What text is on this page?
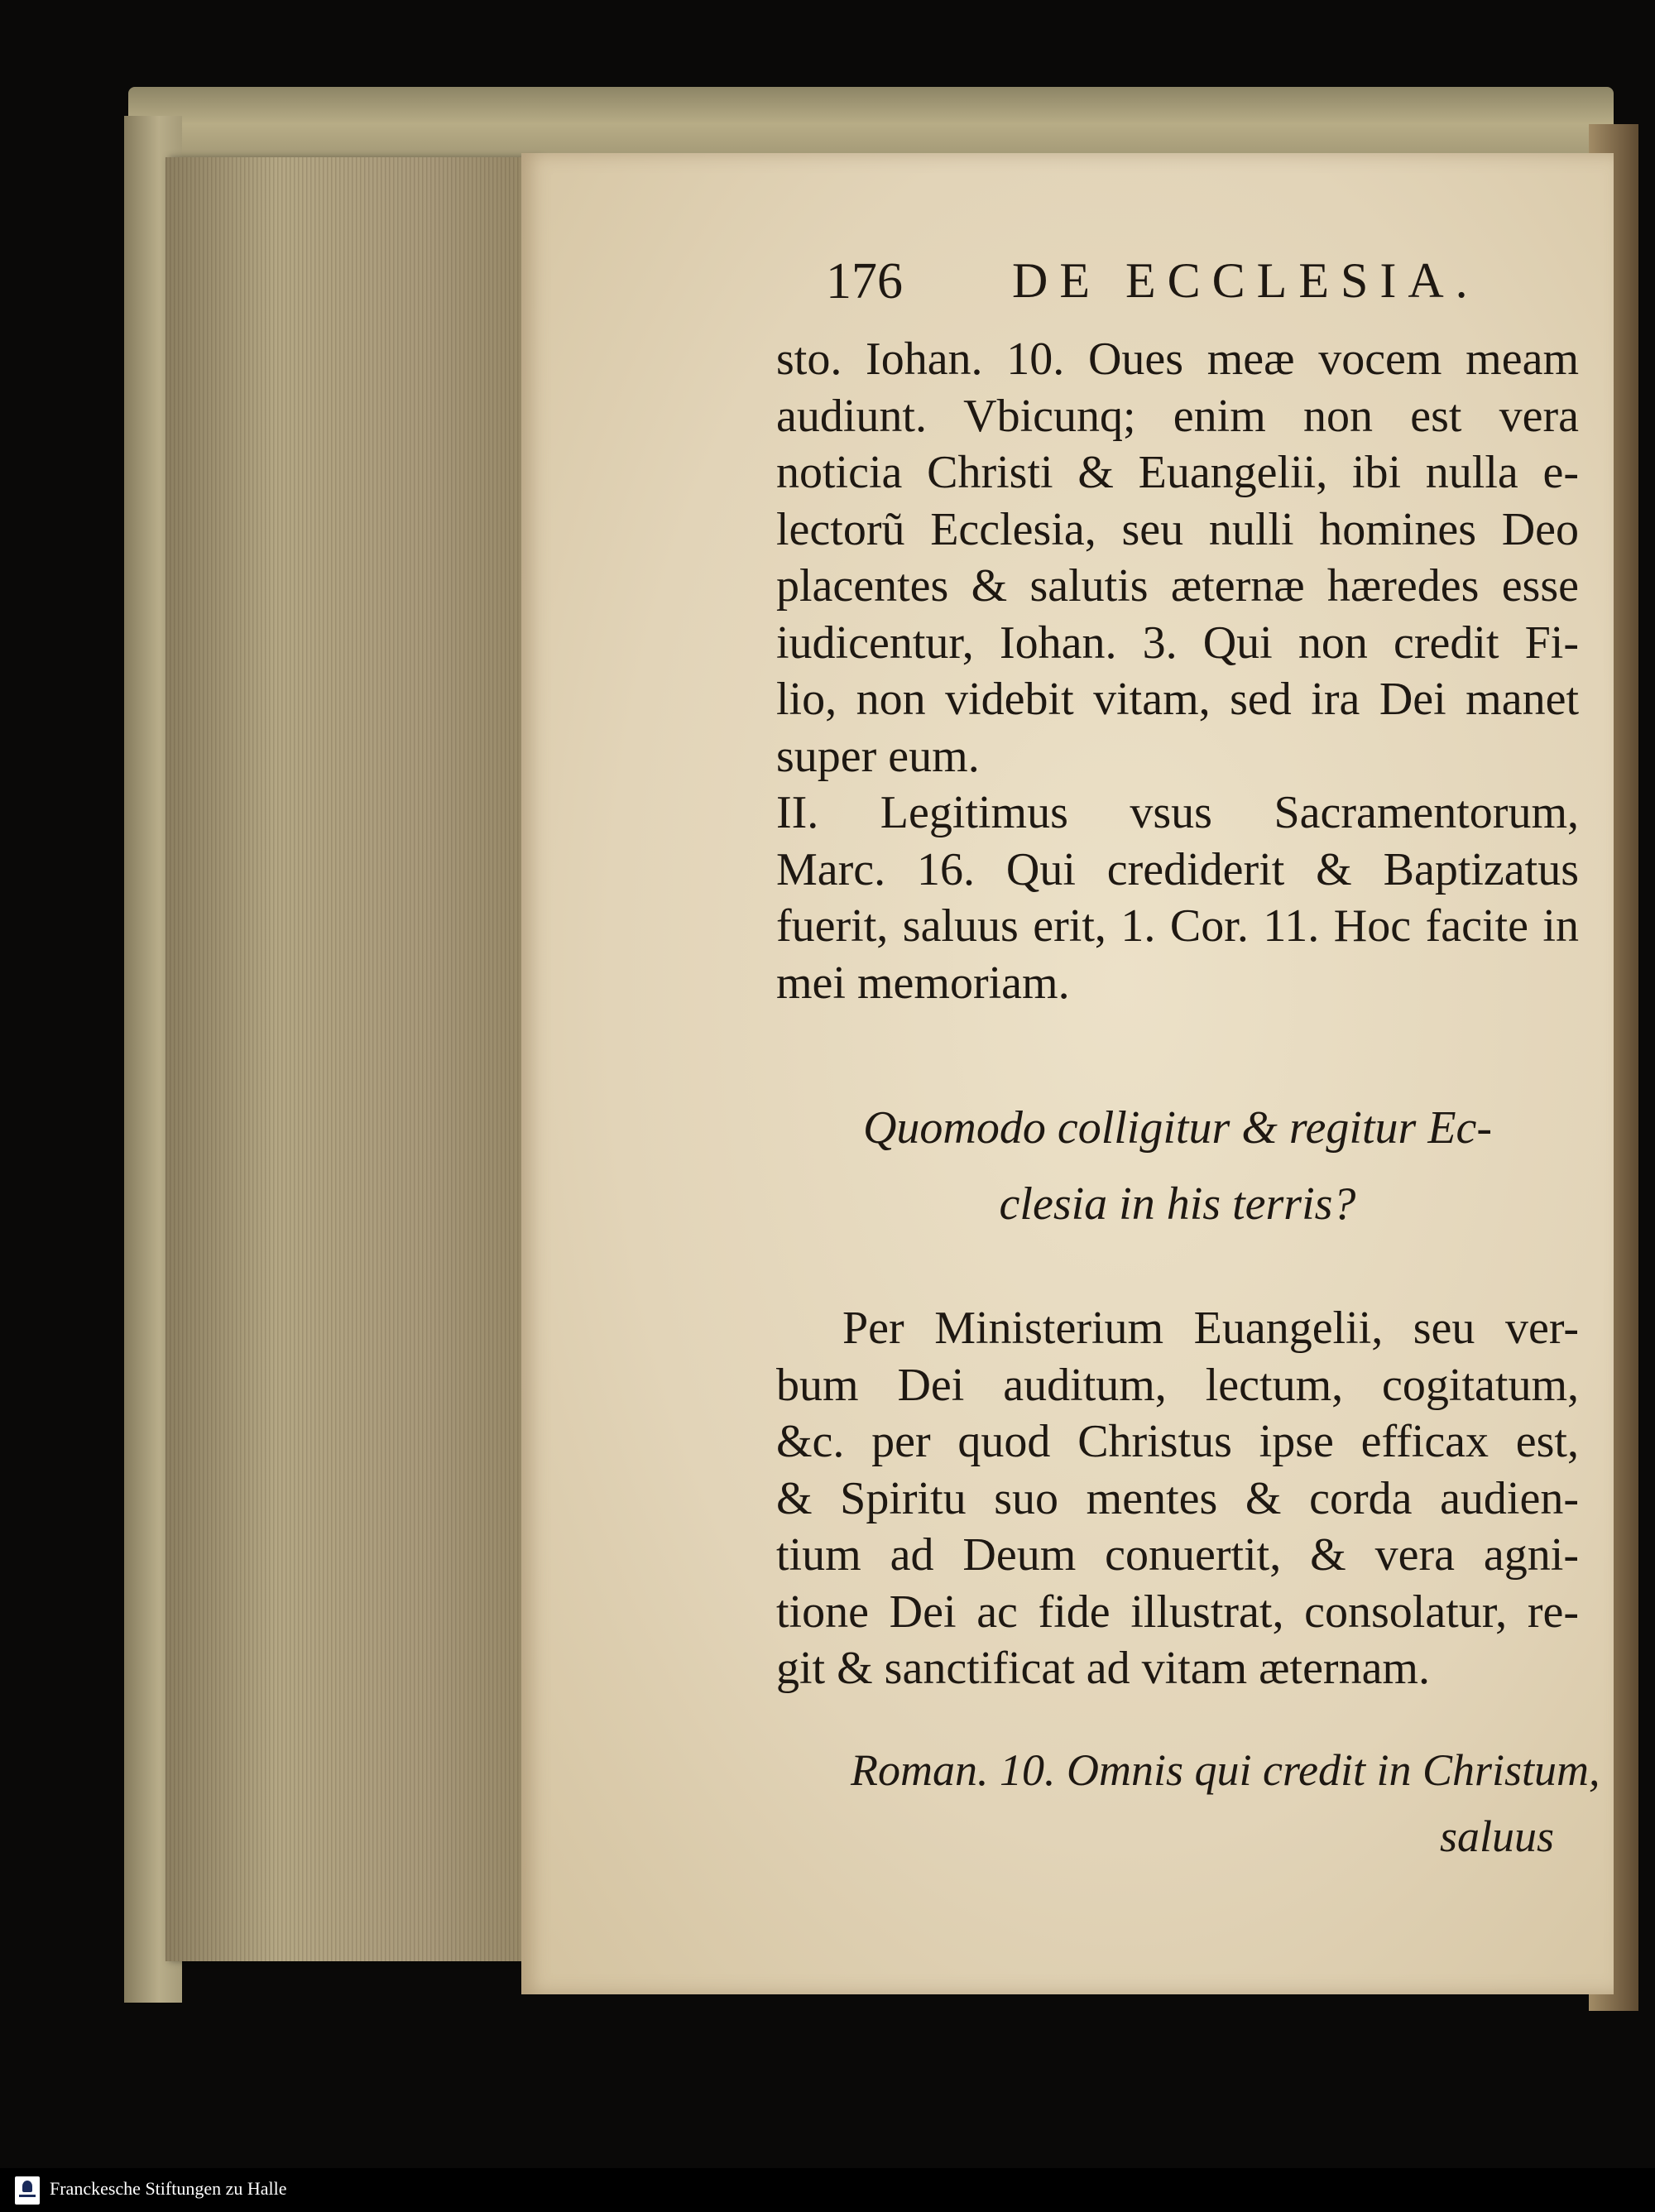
176 DE ECCLESIA.
sto. Iohan. 10. Oues meæ vocem meam
audiunt. Vbicunq; enim non est vera
noticia Christi & Euangelii, ibi nulla e-
lectorũ Ecclesia, seu nulli homines Deo
placentes & salutis æternæ hæredes esse
iudicentur, Iohan. 3. Qui non credit Fi-
lio, non videbit vitam, sed ira Dei manet
super eum.
II. Legitimus vsus Sacramentorum,
Marc. 16. Qui crediderit & Baptizatus
fuerit, saluus erit, 1. Cor. 11. Hoc facite in
mei memoriam.
Quomodo colligitur & regitur Ec-
clesia in his terris?
Per Ministerium Euangelii, seu ver-
bum Dei auditum, lectum, cogitatum,
&c. per quod Christus ipse efficax est,
& Spiritu suo mentes & corda audien-
tium ad Deum conuertit, & vera agni-
tione Dei ac fide illustrat, consolatur, re-
git & sanctificat ad vitam æternam.
Roman. 10. Omnis qui credit in Christum,
saluus
Franckesche Stiftungen zu Halle
